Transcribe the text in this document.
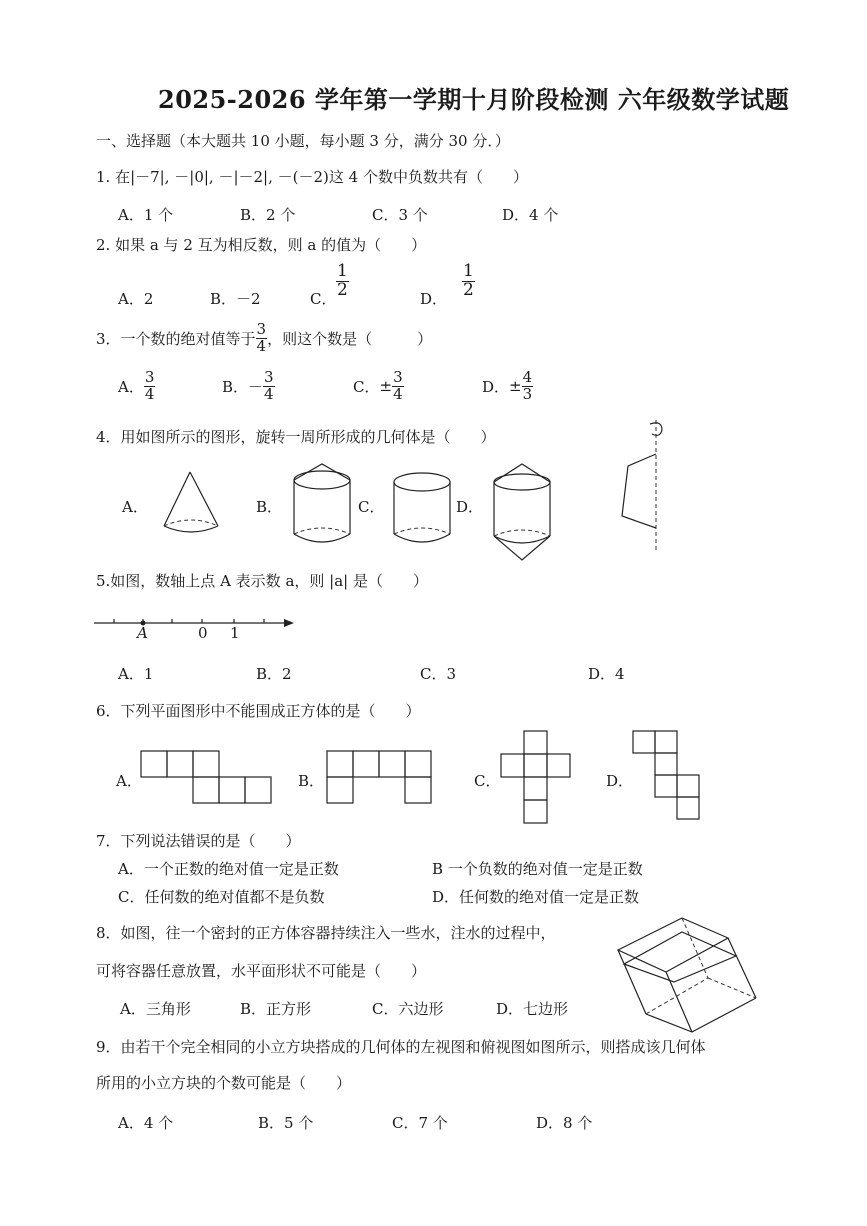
2025-2026 学年第一学期十月阶段检测 六年级数学试题
一、选择题（本大题共 10 小题，每小题 3 分，满分 30 分．）
1. 在|－7|, －|0|, －|－2|, －(－2)这 4 个数中负数共有（　　）
A．1 个	B．2 个	C．3 个	D．4 个
2. 如果 a 与 2 互为相反数，则 a 的值为（　　）
A．2	B．－2	C． $\frac{1}{2}$	D． $\frac{1}{2}$
3．一个数的绝对值等于 $\frac{3}{4}$ ，则这个数是（　　　）
A． $\frac{3}{4}$	B． － $\frac{3}{4}$	C． ± $\frac{3}{4}$	D． ± $\frac{4}{3}$
4．用如图所示的图形，旋转一周所形成的几何体是（　　）
A．	B．	C．	D．
5.如图，数轴上点 A 表示数 a，则 |a| 是（　　）
A	0 1
A．1	B．2	C．3	D．4
6．下列平面图形中不能围成正方体的是（　　）
A．	B．	C．	D．
7．下列说法错误的是（　　）
A．一个正数的绝对值一定是正数	B 一个负数的绝对值一定是正数
C．任何数的绝对值都不是负数	D．任何数的绝对值一定是正数
8．如图，往一个密封的正方体容器持续注入一些水，注水的过程中，
可将容器任意放置，水平面形状不可能是（　　）
A．三角形	B．正方形	C．六边形	D．七边形
9．由若干个完全相同的小立方块搭成的几何体的左视图和俯视图如图所示，则搭成该几何体
所用的小立方块的个数可能是（　　）
A．4 个	B．5 个	C．7 个	D．8 个
